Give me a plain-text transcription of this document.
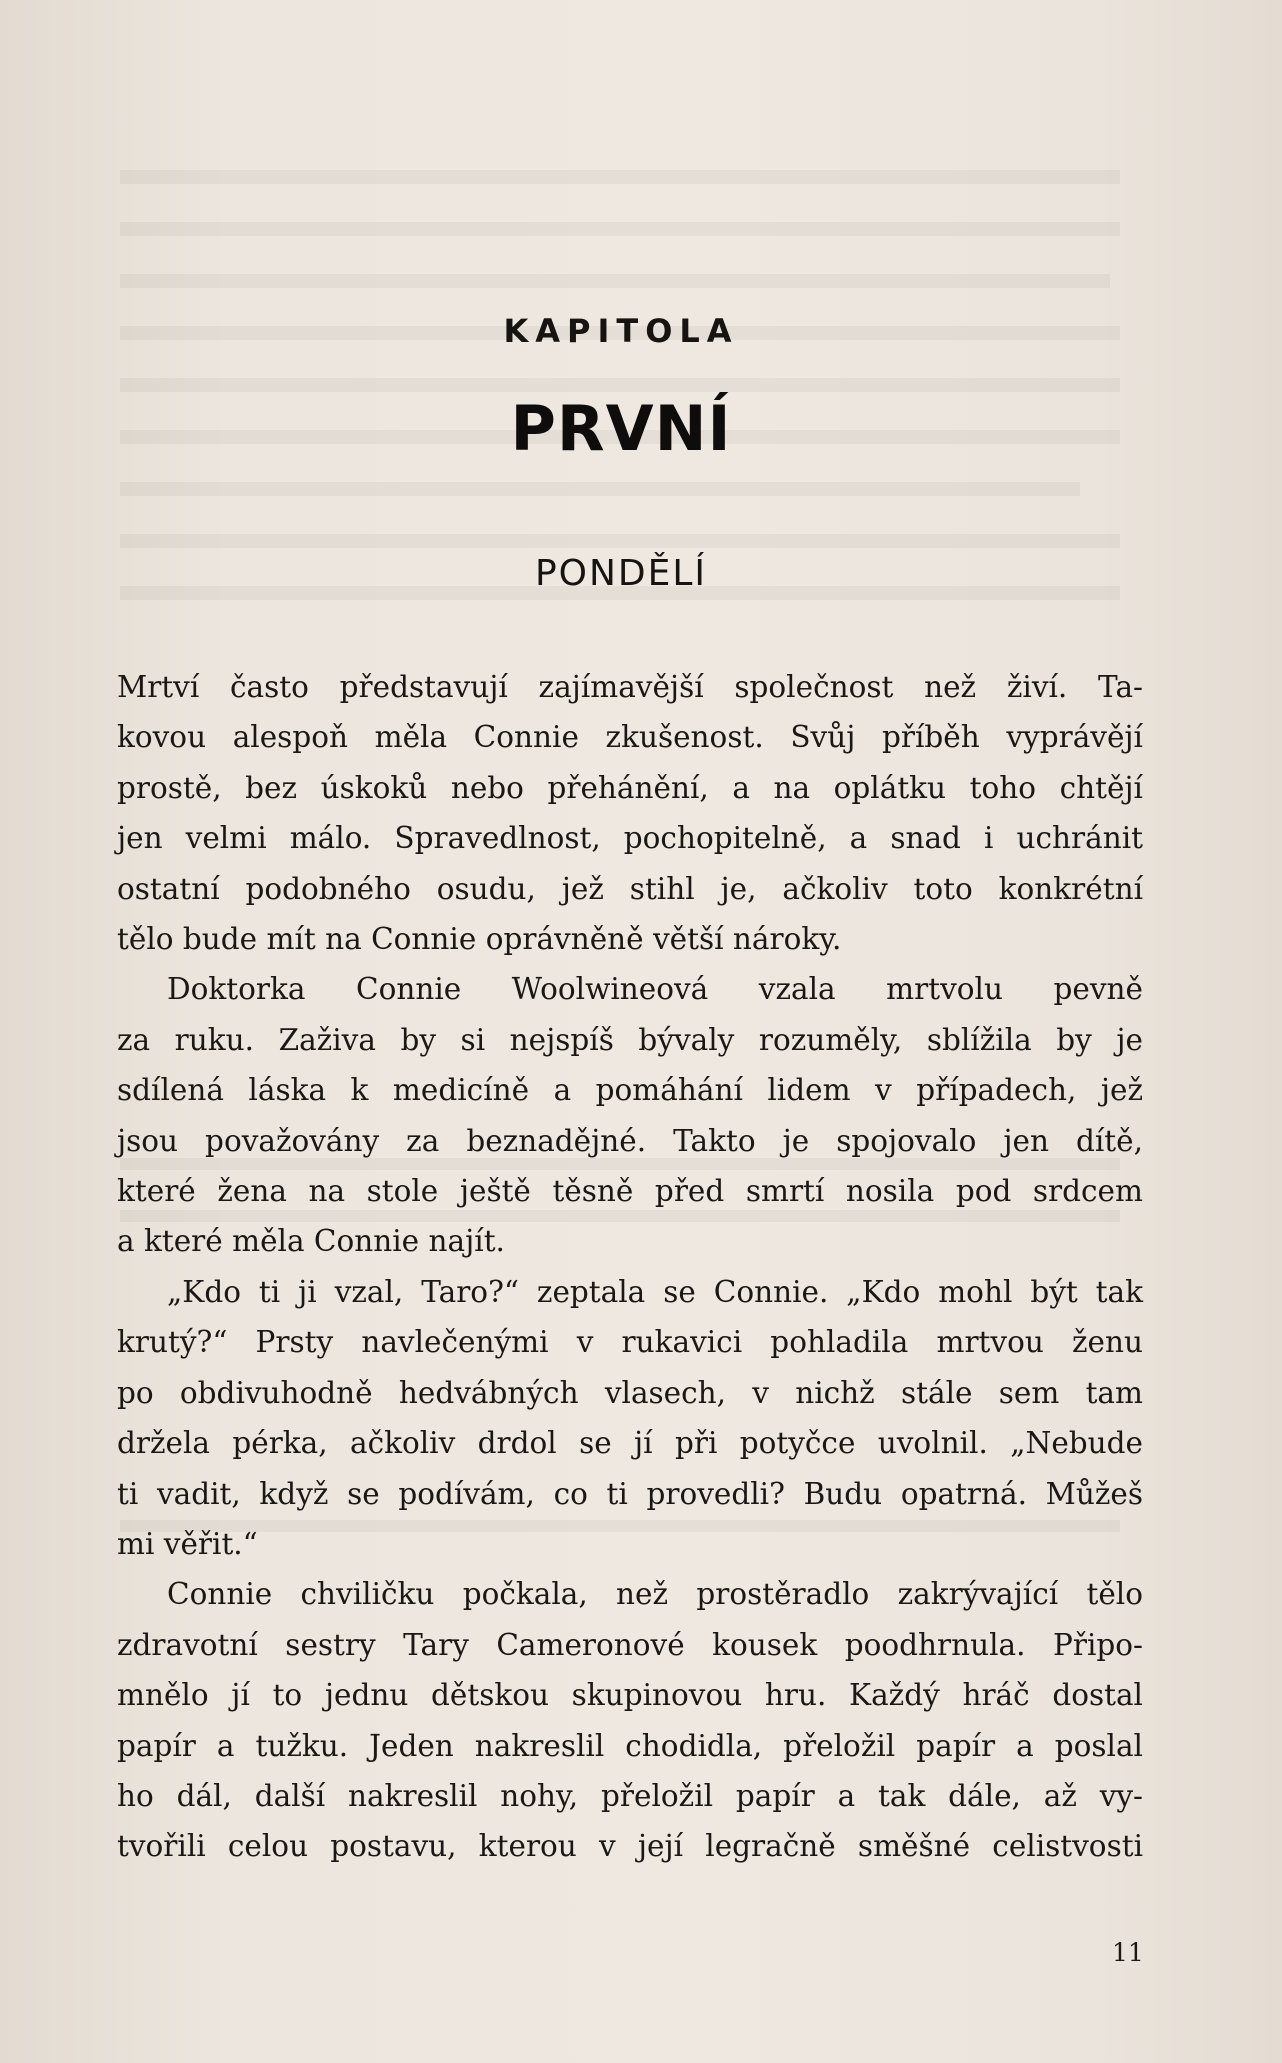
KAPITOLA
PRVNÍ
PONDĚLÍ

Mrtví často představují zajímavější společnost než živí. Ta-
kovou alespoň měla Connie zkušenost. Svůj příběh vyprávějí
prostě, bez úskoků nebo přehánění, a na oplátku toho chtějí
jen velmi málo. Spravedlnost, pochopitelně, a snad i uchránit
ostatní podobného osudu, jež stihl je, ačkoliv toto konkrétní
tělo bude mít na Connie oprávněně větší nároky.

Doktorka Connie Woolwineová vzala mrtvolu pevně
za ruku. Zaživa by si nejspíš bývaly rozuměly, sblížila by je
sdílená láska k medicíně a pomáhání lidem v případech, jež
jsou považovány za beznadějné. Takto je spojovalo jen dítě,
které žena na stole ještě těsně před smrtí nosila pod srdcem
a které měla Connie najít.

„Kdo ti ji vzal, Taro?“ zeptala se Connie. „Kdo mohl být tak
krutý?“ Prsty navlečenými v rukavici pohladila mrtvou ženu
po obdivuhodně hedvábných vlasech, v nichž stále sem tam
držela pérka, ačkoliv drdol se jí při potyčce uvolnil. „Nebude
ti vadit, když se podívám, co ti provedli? Budu opatrná. Můžeš
mi věřit.“

Connie chviličku počkala, než prostěradlo zakrývající tělo
zdravotní sestry Tary Cameronové kousek poodhrnula. Připo-
mnělo jí to jednu dětskou skupinovou hru. Každý hráč dostal
papír a tužku. Jeden nakreslil chodidla, přeložil papír a poslal
ho dál, další nakreslil nohy, přeložil papír a tak dále, až vy-
tvořili celou postavu, kterou v její legračně směšné celistvosti

11
